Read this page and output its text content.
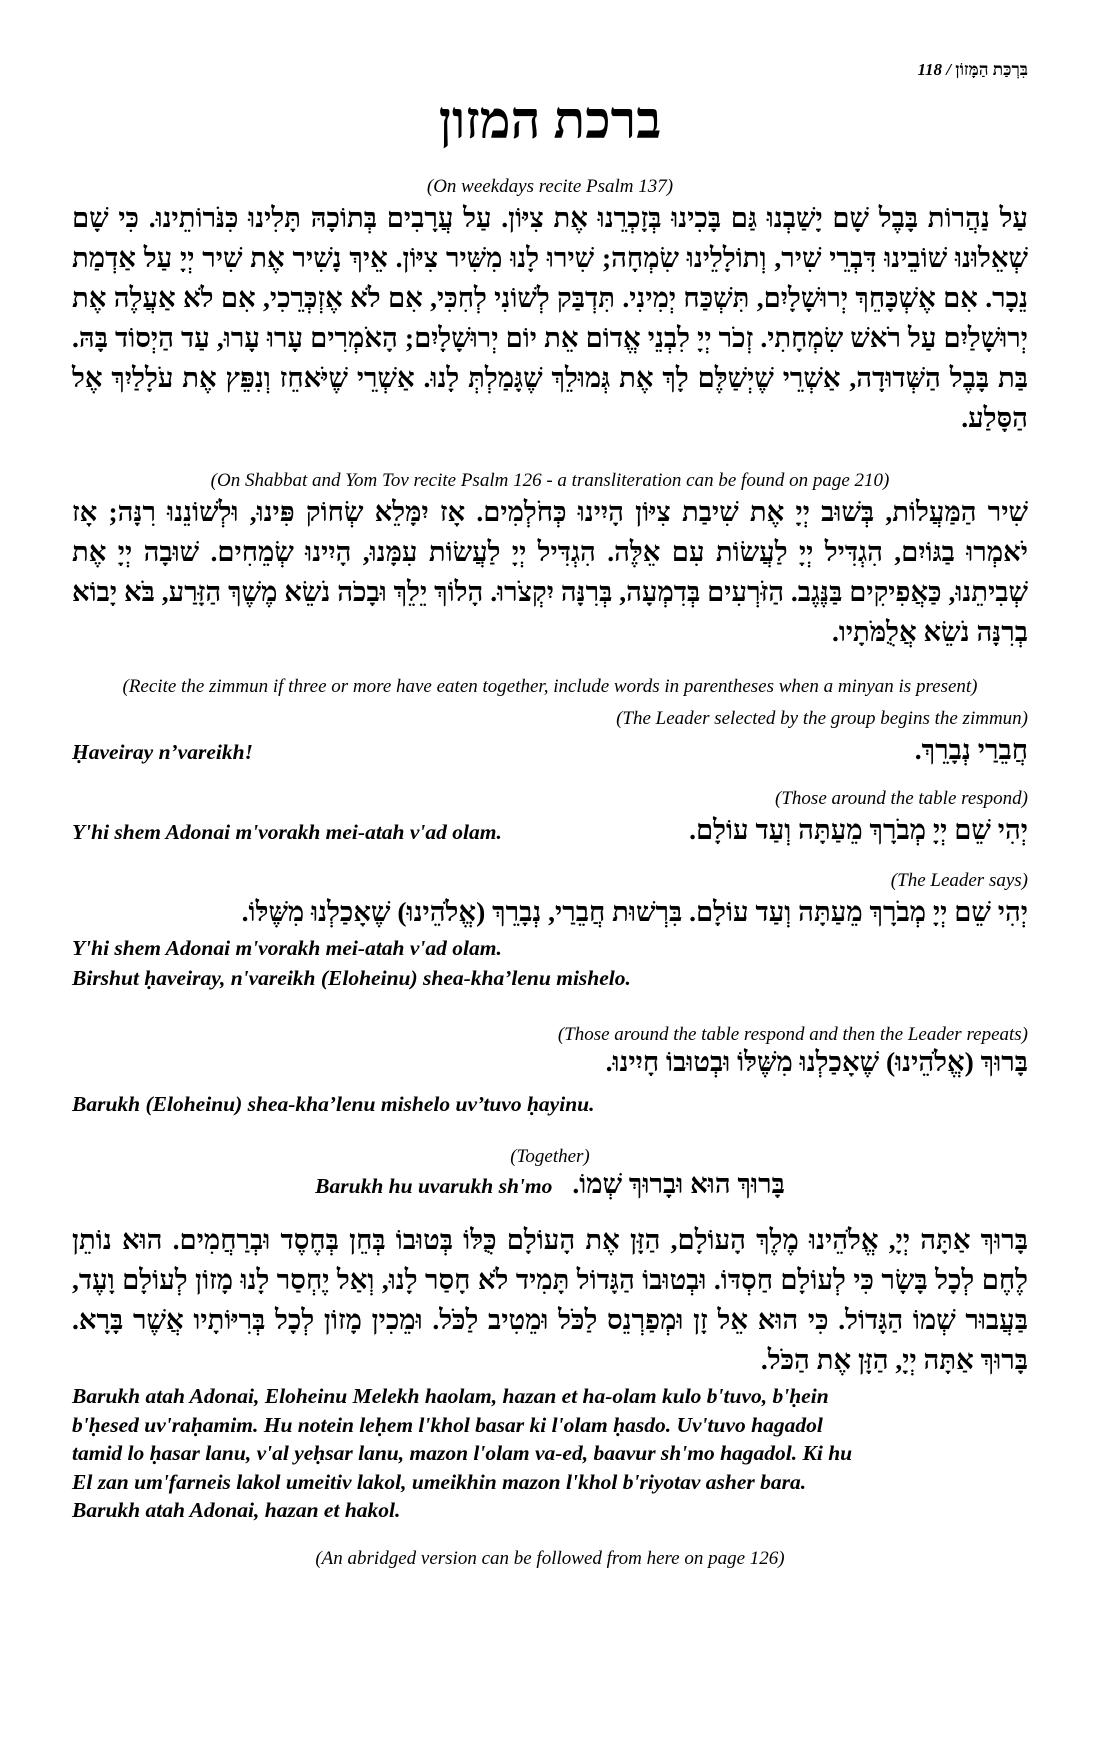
בִּרְכַּת הַמָּזוֹן / 118
ברכת המזון
(On weekdays recite Psalm 137)
עַל נַהֲרוֹת בָּבֶל שָׁם יָשַׁבְנוּ גַּם בָּכִינוּ בְּזָכְרֵנוּ אֶת צִיּוֹן. עַל עֲרָבִים בְּתוֹכָהּ תָּלִינוּ כִּנֹּרוֹתֵינוּ. כִּי שָׁם שְׁאֵלוּנוּ שׁוֹבֵינוּ דִּבְרֵי שִׁיר, וְתוֹלָלֵינוּ שִׂמְחָה; שִׁירוּ לָנוּ מִשִּׁיר צִיּוֹן. אֵיךְ נָשִׁיר אֶת שִׁיר יְיָ עַל אַדְמַת נֵכָר. אִם אֶשְׁכָּחֵךְ יְרוּשָׁלָיִם, תִּשְׁכַּח יְמִינִי. תִּדְבַּק לְשׁוֹנִי לְחִכִּי, אִם לֹא אֶזְכְּרֵכִי, אִם לֹא אַעֲלֶה אֶת יְרוּשָׁלַיִם עַל רֹאשׁ שִׂמְחָתִי. זְכֹר יְיָ לִבְנֵי אֱדוֹם אֵת יוֹם יְרוּשָׁלָיִם; הָאֹמְרִים עָרוּ עָרוּ, עַד הַיְסוֹד בָּהּ. בַּת בָּבֶל הַשְּׁדוּדָה, אַשְׁרֵי שֶׁיְשַׁלֶּם לָךְ אֶת גְּמוּלֵךְ שֶׁגָּמַלְתְּ לָנוּ. אַשְׁרֵי שֶׁיֹּאחֵז וְנִפֵּץ אֶת עֹלָלַיִךְ אֶל הַסָּלַע.
(On Shabbat and Yom Tov recite Psalm 126 - a transliteration can be found on page 210)
שִׁיר הַמַּעֲלוֹת, בְּשׁוּב יְיָ אֶת שִׁיבַת צִיּוֹן הָיִינוּ כְּחֹלְמִים. אָז יִמָּלֵא שְׂחוֹק פִּינוּ, וּלְשׁוֹנֵנוּ רִנָּה; אָז יֹאמְרוּ בַגּוֹיִם, הִגְדִּיל יְיָ לַעֲשׂוֹת עִם אֵלֶּה. הִגְדִּיל יְיָ לַעֲשׂוֹת עִמָּנוּ, הָיִינוּ שְׂמֵחִים. שׁוּבָה יְיָ אֶת שְׁבִיתֵנוּ, כַּאֲפִיקִים בַּנֶּגֶב. הַזֹּרְעִים בְּדִמְעָה, בְּרִנָּה יִקְצֹרוּ. הָלוֹךְ יֵלֵךְ וּבָכֹה נֹשֵׂא מֶשֶׁךְ הַזָּרַע, בֹּא יָבוֹא בְרִנָּה נֹשֵׂא אֲלֻמֹּתָיו.
(Recite the zimmun if three or more have eaten together, include words in parentheses when a minyan is present)
(The Leader selected by the group begins the zimmun)
Ḥaveiray n’vareikh!	חֲבֵרַי נְבָרֵךְ.
(Those around the table respond)
Y'hi shem Adonai m'vorakh mei-atah v'ad olam.	יְהִי שֵׁם יְיָ מְבֹרָךְ מֵעַתָּה וְעַד עוֹלָם.
(The Leader says)
יְהִי שֵׁם יְיָ מְבֹרָךְ מֵעַתָּה וְעַד עוֹלָם. בִּרְשׁוּת חֲבֵרַי, נְבָרֵךְ (אֱלֹהֵינוּ) שֶׁאָכַלְנוּ מִשֶּׁלּוֹ.
Y'hi shem Adonai m'vorakh mei-atah v'ad olam.
Birshut ḥaveiray, n'vareikh (Eloheinu) shea-kha’lenu mishelo.
(Those around the table respond and then the Leader repeats)
בָּרוּךְ (אֱלֹהֵינוּ) שֶׁאָכַלְנוּ מִשֶּׁלּוֹ וּבְטוּבוֹ חָיִינוּ.
Barukh (Eloheinu) shea-kha’lenu mishelo uv’tuvo ḥayinu.
(Together)
Barukh hu uvarukh sh'mo בָּרוּךְ הוּא וּבָרוּךְ שְׁמוֹ.
בָּרוּךְ אַתָּה יְיָ, אֱלֹהֵינוּ מֶלֶךְ הָעוֹלָם, הַזָּן אֶת הָעוֹלָם כֻּלּוֹ בְּטוּבוֹ בְּחֵן בְּחֶסֶד וּבְרַחֲמִים. הוּא נוֹתֵן לֶחֶם לְכָל בָּשָׂר כִּי לְעוֹלָם חַסְדּוֹ. וּבְטוּבוֹ הַגָּדוֹל תָּמִיד לֹא חָסַר לָנוּ, וְאַל יֶחְסַר לָנוּ מָזוֹן לְעוֹלָם וָעֶד, בַּעֲבוּר שְׁמוֹ הַגָּדוֹל. כִּי הוּא אֵל זָן וּמְפַרְנֵס לַכֹּל וּמֵטִיב לַכֹּל. וּמֵכִין מָזוֹן לְכָל בְּרִיּוֹתָיו אֲשֶׁר בָּרָא. בָּרוּךְ אַתָּה יְיָ, הַזָּן אֶת הַכֹּל.
Barukh atah Adonai, Eloheinu Melekh haolam, hazan et ha-olam kulo b'tuvo, b'ḥein
b'ḥesed uv'raḥamim. Hu notein leḥem l'khol basar ki l'olam ḥasdo. Uv'tuvo hagadol
tamid lo ḥasar lanu, v'al yeḥsar lanu, mazon l'olam va-ed, baavur sh'mo hagadol. Ki hu
El zan um'farneis lakol umeitiv lakol, umeikhin mazon l'khol b'riyotav asher bara.
Barukh atah Adonai, hazan et hakol.
(An abridged version can be followed from here on page 126)
